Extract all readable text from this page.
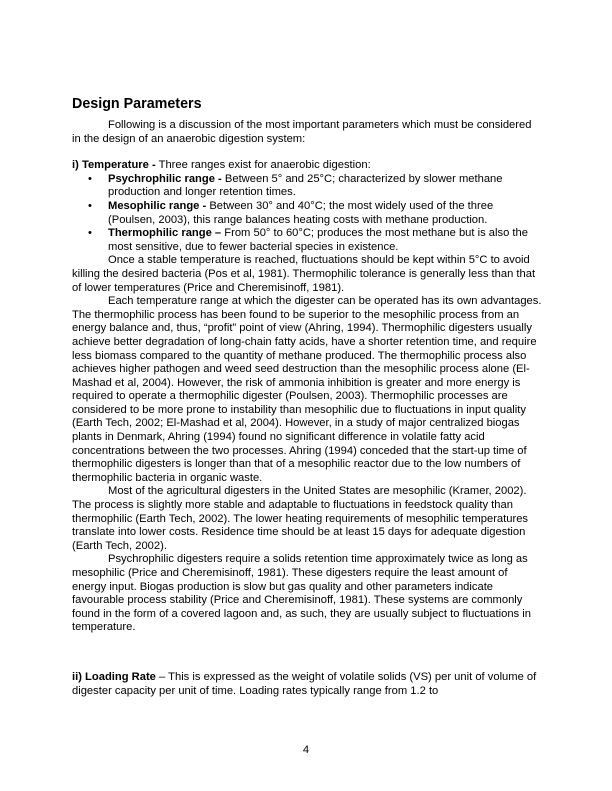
Design Parameters

Following is a discussion of the most important parameters which must be considered in the design of an anaerobic digestion system:

i) Temperature - Three ranges exist for anaerobic digestion:

• Psychrophilic range - Between 5° and 25°C; characterized by slower methane production and longer retention times.
• Mesophilic range - Between 30° and 40°C; the most widely used of the three (Poulsen, 2003), this range balances heating costs with methane production.
• Thermophilic range – From 50° to 60°C; produces the most methane but is also the most sensitive, due to fewer bacterial species in existence.

Once a stable temperature is reached, fluctuations should be kept within 5°C to avoid killing the desired bacteria (Pos et al, 1981). Thermophilic tolerance is generally less than that of lower temperatures (Price and Cheremisinoff, 1981).

Each temperature range at which the digester can be operated has its own advantages. The thermophilic process has been found to be superior to the mesophilic process from an energy balance and, thus, “profit” point of view (Ahring, 1994). Thermophilic digesters usually achieve better degradation of long-chain fatty acids, have a shorter retention time, and require less biomass compared to the quantity of methane produced. The thermophilic process also achieves higher pathogen and weed seed destruction than the mesophilic process alone (El-Mashad et al, 2004). However, the risk of ammonia inhibition is greater and more energy is required to operate a thermophilic digester (Poulsen, 2003). Thermophilic processes are considered to be more prone to instability than mesophilic due to fluctuations in input quality (Earth Tech, 2002; El-Mashad et al, 2004). However, in a study of major centralized biogas plants in Denmark, Ahring (1994) found no significant difference in volatile fatty acid concentrations between the two processes. Ahring (1994) conceded that the start-up time of thermophilic digesters is longer than that of a mesophilic reactor due to the low numbers of thermophilic bacteria in organic waste.

Most of the agricultural digesters in the United States are mesophilic (Kramer, 2002). The process is slightly more stable and adaptable to fluctuations in feedstock quality than thermophilic (Earth Tech, 2002). The lower heating requirements of mesophilic temperatures translate into lower costs. Residence time should be at least 15 days for adequate digestion (Earth Tech, 2002).

Psychrophilic digesters require a solids retention time approximately twice as long as mesophilic (Price and Cheremisinoff, 1981). These digesters require the least amount of energy input. Biogas production is slow but gas quality and other parameters indicate favourable process stability (Price and Cheremisinoff, 1981). These systems are commonly found in the form of a covered lagoon and, as such, they are usually subject to fluctuations in temperature.

ii) Loading Rate – This is expressed as the weight of volatile solids (VS) per unit of volume of digester capacity per unit of time. Loading rates typically range from 1.2 to

4
